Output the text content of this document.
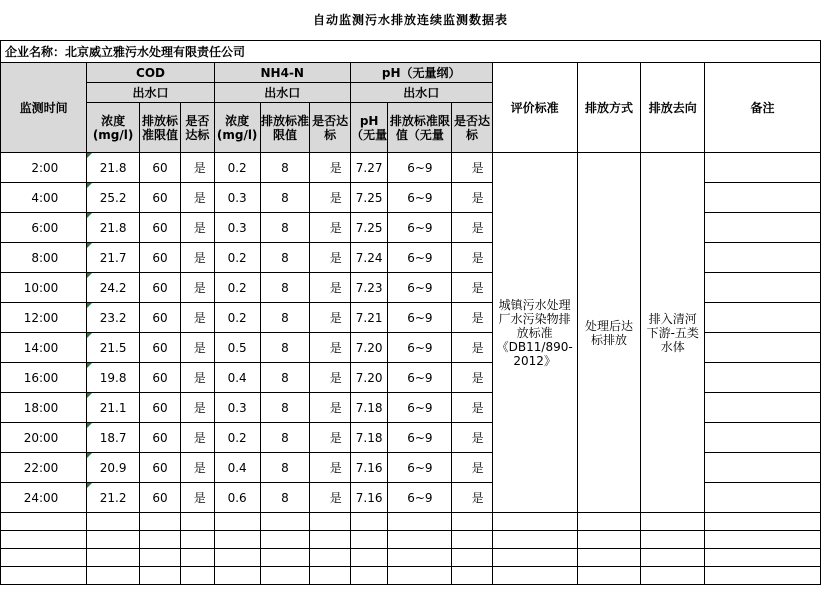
自动监测污水排放连续监测数据表													
企业名称：北京威立雅污水处理有限责任公司													
监测时间	COD			NH4-N			pH（无量纲）			评价标准	排放方式	排放去向	备注
	出水口			出水口			出水口						
	浓度 (mg/l)	排放标准限值	是否达标	浓度 (mg/l)	排放标准限值	是否达标	pH（无量	排放标准限值（无量	是否达标				
2:00	21.8	60	是	0.2	8	是	7.27	6~9	是	城镇污水处理厂水污染物排放标准《DB11/890-2012》	处理后达标排放	排入清河下游-五类水体	
4:00	25.2	60	是	0.3	8	是	7.25	6~9	是				
6:00	21.8	60	是	0.3	8	是	7.25	6~9	是				
8:00	21.7	60	是	0.2	8	是	7.24	6~9	是				
10:00	24.2	60	是	0.2	8	是	7.23	6~9	是				
12:00	23.2	60	是	0.2	8	是	7.21	6~9	是				
14:00	21.5	60	是	0.5	8	是	7.20	6~9	是				
16:00	19.8	60	是	0.4	8	是	7.20	6~9	是				
18:00	21.1	60	是	0.3	8	是	7.18	6~9	是				
20:00	18.7	60	是	0.2	8	是	7.18	6~9	是				
22:00	20.9	60	是	0.4	8	是	7.16	6~9	是				
24:00	21.2	60	是	0.6	8	是	7.16	6~9	是				
